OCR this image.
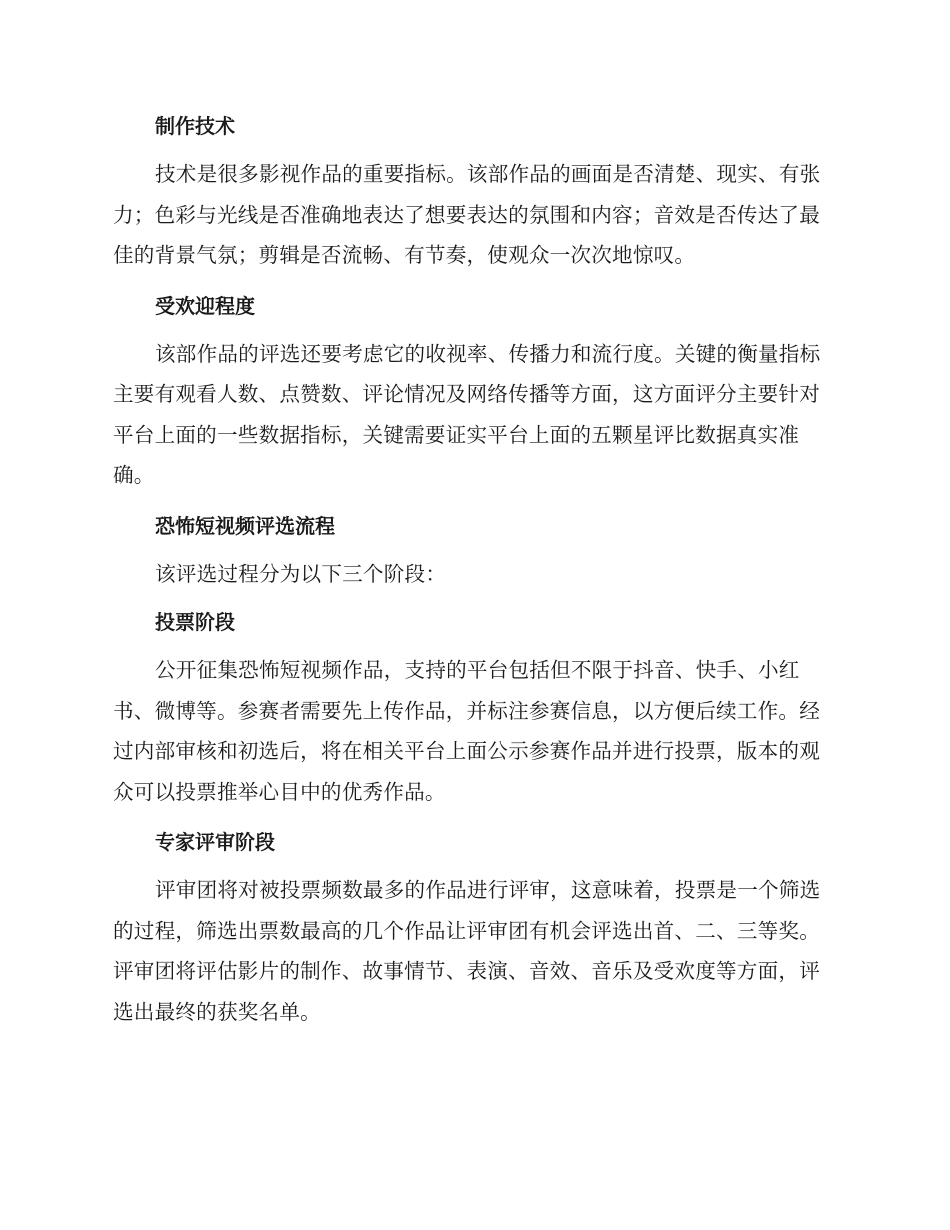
制作技术

技术是很多影视作品的重要指标。该部作品的画面是否清楚、现实、有张力；色彩与光线是否准确地表达了想要表达的氛围和内容；音效是否传达了最佳的背景气氛；剪辑是否流畅、有节奏，使观众一次次地惊叹。

受欢迎程度

该部作品的评选还要考虑它的收视率、传播力和流行度。关键的衡量指标主要有观看人数、点赞数、评论情况及网络传播等方面，这方面评分主要针对平台上面的一些数据指标，关键需要证实平台上面的五颗星评比数据真实准确。

恐怖短视频评选流程

该评选过程分为以下三个阶段：

投票阶段

公开征集恐怖短视频作品，支持的平台包括但不限于抖音、快手、小红书、微博等。参赛者需要先上传作品，并标注参赛信息，以方便后续工作。经过内部审核和初选后，将在相关平台上面公示参赛作品并进行投票，版本的观众可以投票推举心目中的优秀作品。

专家评审阶段

评审团将对被投票频数最多的作品进行评审，这意味着，投票是一个筛选的过程，筛选出票数最高的几个作品让评审团有机会评选出首、二、三等奖。评审团将评估影片的制作、故事情节、表演、音效、音乐及受欢度等方面，评选出最终的获奖名单。
